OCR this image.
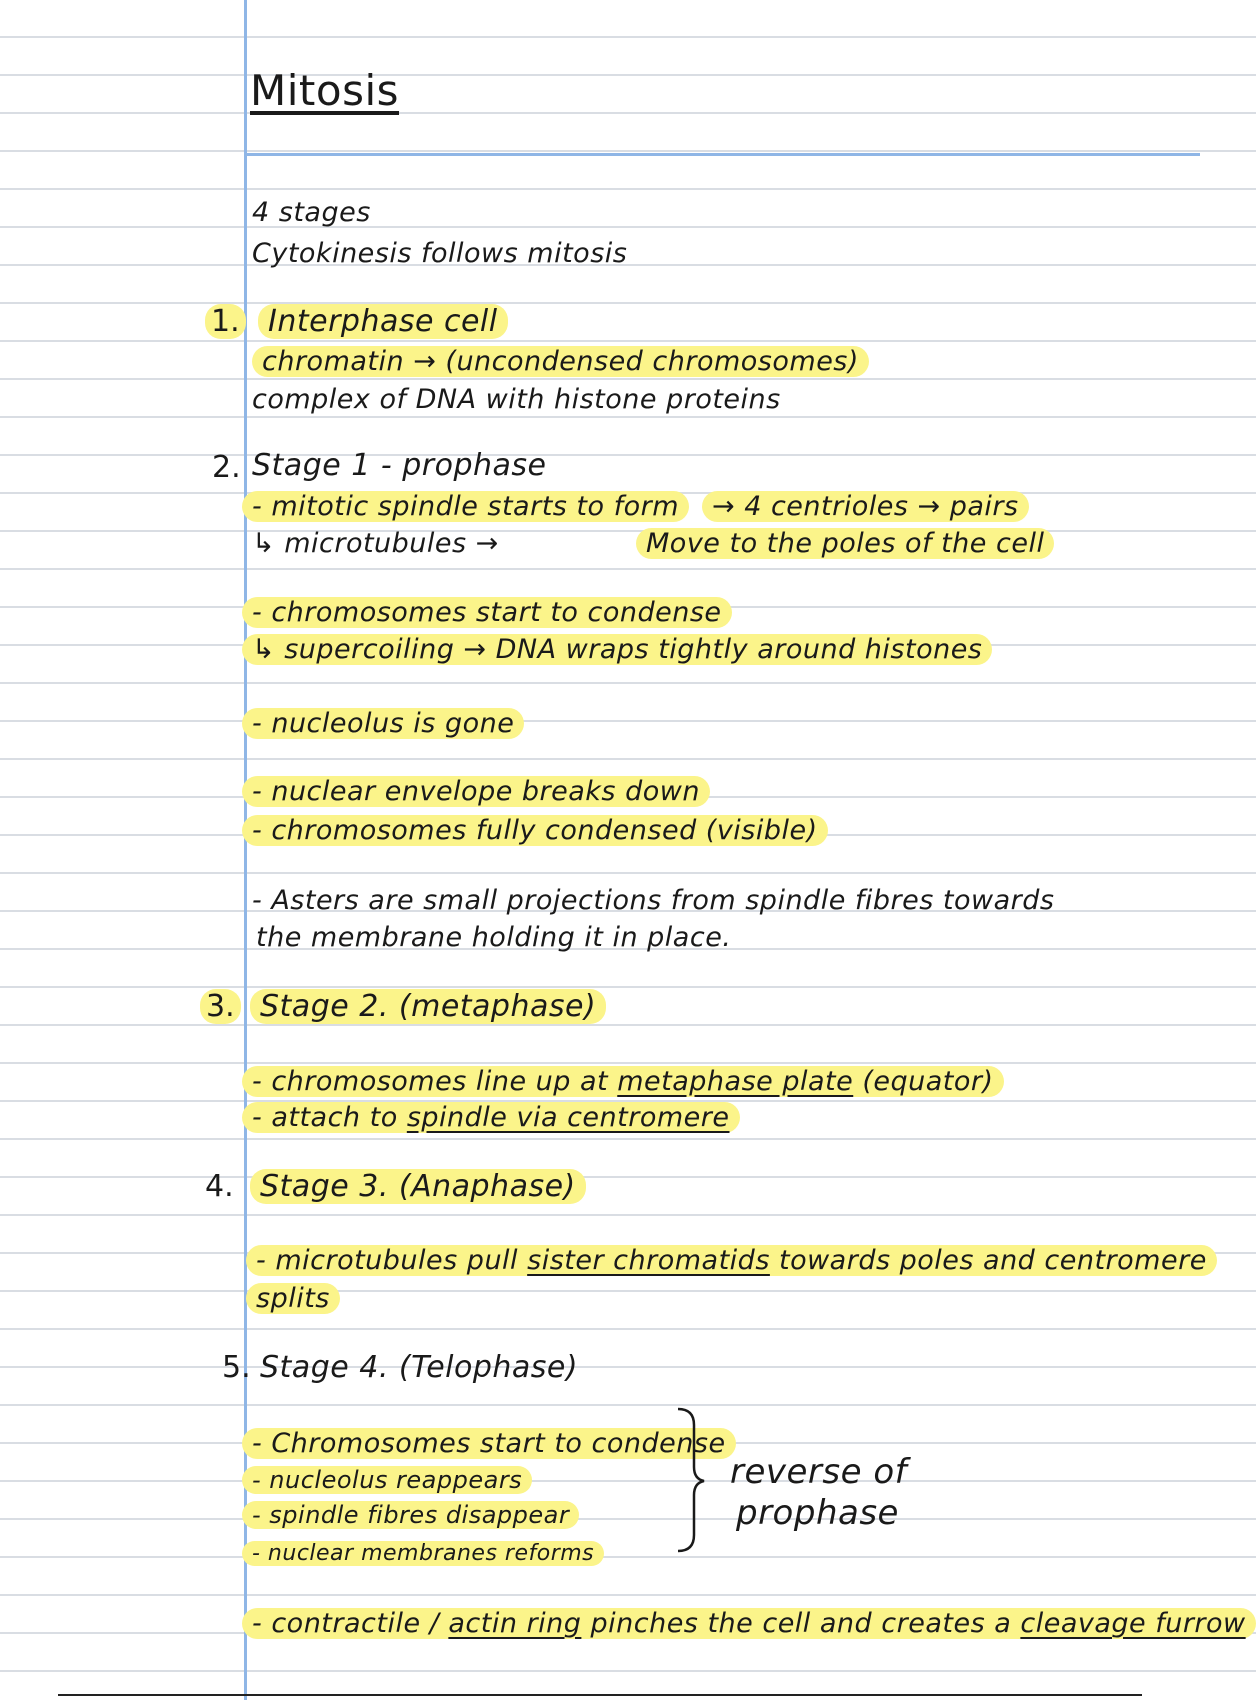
Mitosis
4 stages
Cytokinesis follows mitosis
1. Interphase cell
chromatin → (uncondensed chromosomes)
complex of DNA with histone proteins
2. Stage 1 - prophase
- mitotic spindle starts to form	→ 4 centrioles → pairs
↳ microtubules →	Move to the poles of the cell
- chromosomes start to condense
↳ supercoiling → DNA wraps tightly around histones
- nucleolus is gone
- nuclear envelope breaks down
- chromosomes fully condensed (visible)
- Asters are small projections from spindle fibres towards
the membrane holding it in place.
3. Stage 2. (metaphase)
- chromosomes line up at metaphase plate (equator)
- attach to spindle via centromere
4. Stage 3. (Anaphase)
- microtubules pull sister chromatids towards poles and centromere
splits
5. Stage 4. (Telophase)
- Chromosomes start to condense
- nucleolus reappears
- spindle fibres disappear
- nuclear membranes reforms
reverse of
prophase
- contractile / actin ring pinches the cell and creates a cleavage furrow
